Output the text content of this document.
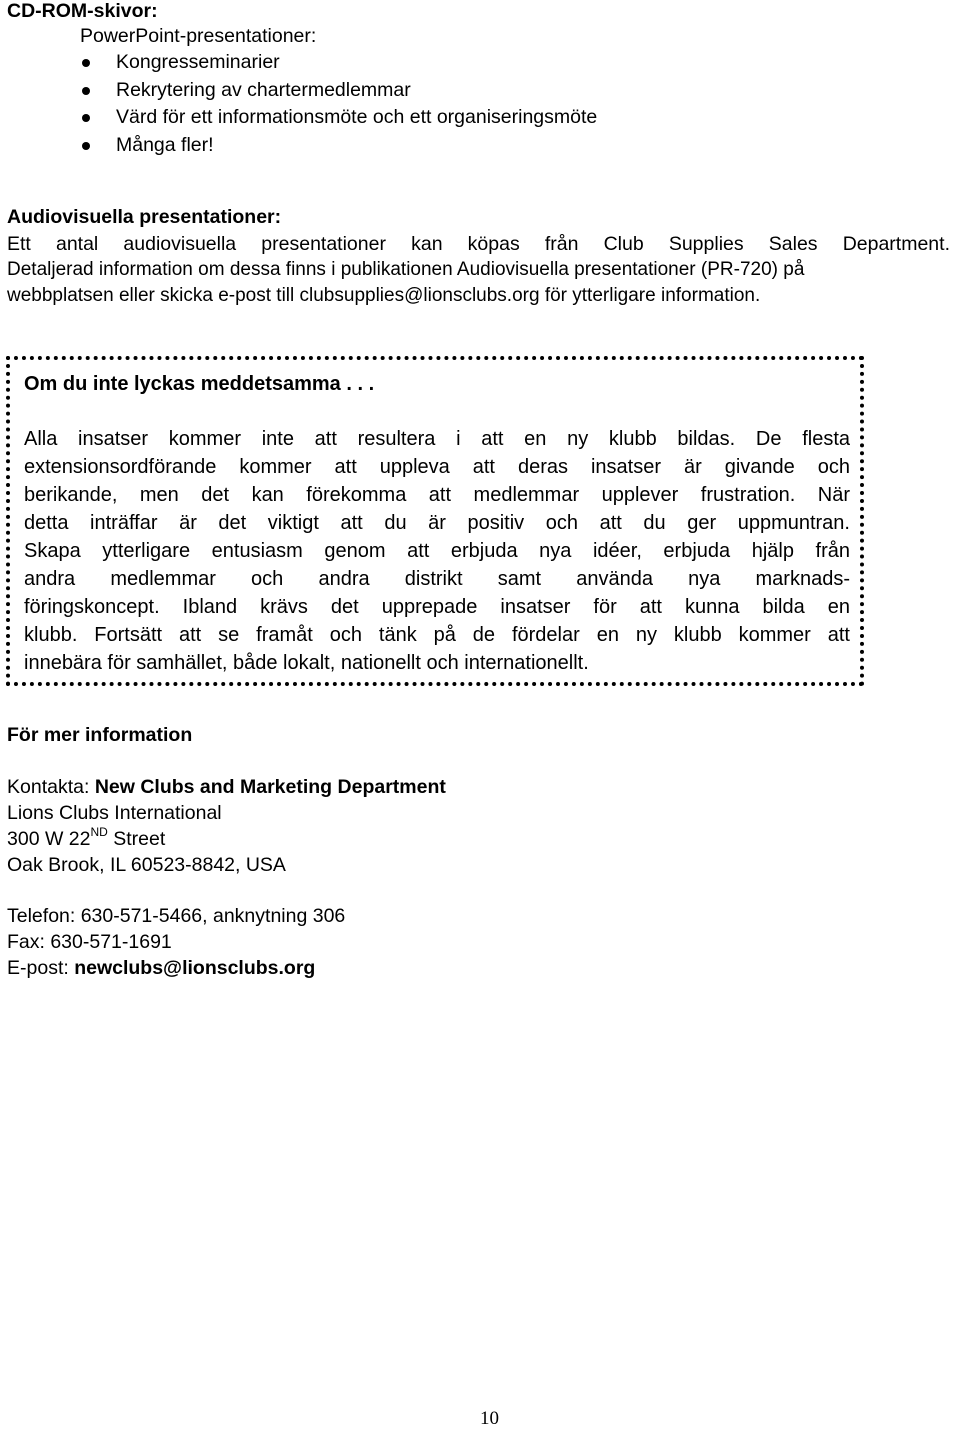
CD-ROM-skivor:
PowerPoint-presentationer:
Kongresseminarier
Rekrytering av chartermedlemmar
Värd för ett informationsmöte och ett organiseringsmöte
Många fler!
Audiovisuella presentationer:
Ett antal audiovisuella presentationer kan köpas från Club Supplies Sales Department.
Detaljerad information om dessa finns i publikationen Audiovisuella presentationer (PR-720) på
webbplatsen eller skicka e-post till clubsupplies@lionsclubs.org för ytterligare information.
Om du inte lyckas meddetsamma . . .
Alla insatser kommer inte att resultera i att en ny klubb bildas. De flesta
extensionsordförande kommer att uppleva att deras insatser är givande och
berikande, men det kan förekomma att medlemmar upplever frustration. När
detta inträffar är det viktigt att du är positiv och att du ger uppmuntran.
Skapa ytterligare entusiasm genom att erbjuda nya idéer, erbjuda hjälp från
andra medlemmar och andra distrikt samt använda nya marknads-
föringskoncept. Ibland krävs det upprepade insatser för att kunna bilda en
klubb. Fortsätt att se framåt och tänk på de fördelar en ny klubb kommer att
innebära för samhället, både lokalt, nationellt och internationellt.
För mer information
Kontakta: New Clubs and Marketing Department
Lions Clubs International
300 W 22ND Street
Oak Brook, IL 60523-8842, USA
Telefon: 630-571-5466, anknytning 306
Fax: 630-571-1691
E-post: newclubs@lionsclubs.org
10
